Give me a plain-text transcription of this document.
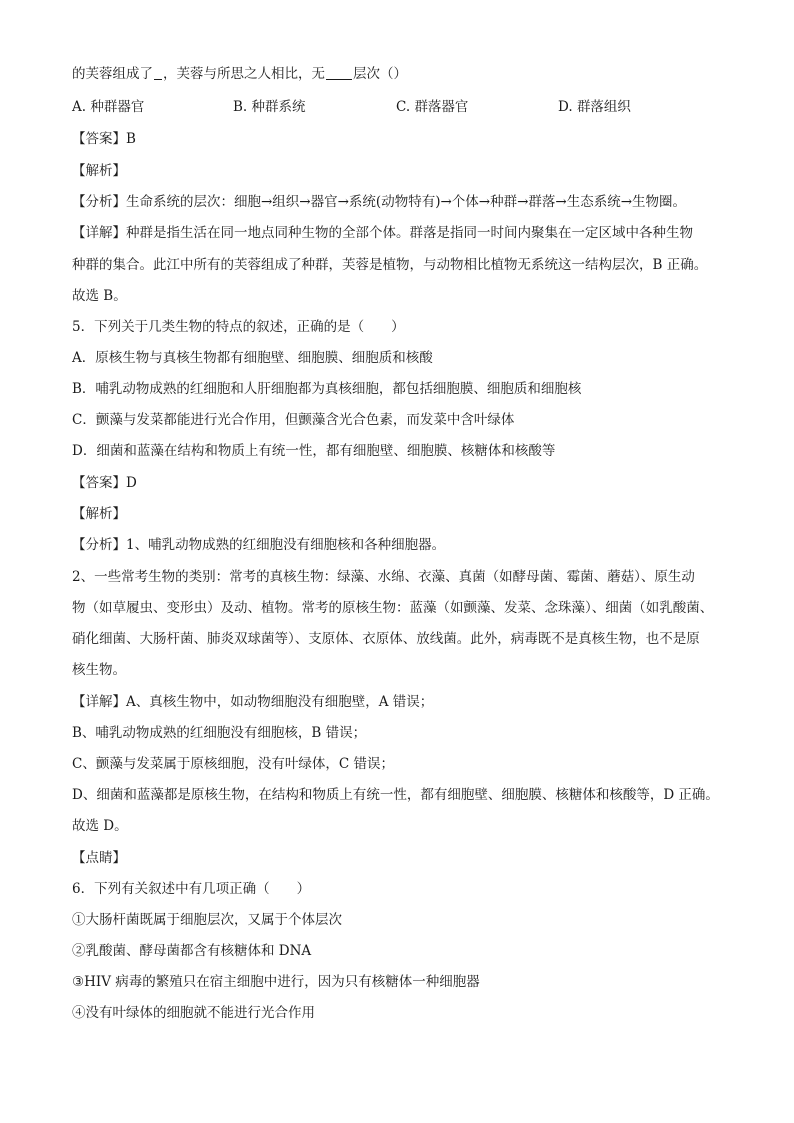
的芙蓉组成了 ，芙蓉与所思之人相比，无 层次（）
A. 种群器官	B. 种群系统	C. 群落器官	D. 群落组织
【答案】B
【解析】
【分析】生命系统的层次：细胞→组织→器官→系统(动物特有)→个体→种群→群落→生态系统→生物圈。
【详解】种群是指生活在同一地点同种生物的全部个体。群落是指同一时间内聚集在一定区域中各种生物
种群的集合。此江中所有的芙蓉组成了种群，芙蓉是植物，与动物相比植物无系统这一结构层次，B 正确。
故选 B。
5．下列关于几类生物的特点的叙述，正确的是（　　）
A．原核生物与真核生物都有细胞壁、细胞膜、细胞质和核酸
B．哺乳动物成熟的红细胞和人肝细胞都为真核细胞，都包括细胞膜、细胞质和细胞核
C．颤藻与发菜都能进行光合作用，但颤藻含光合色素，而发菜中含叶绿体
D．细菌和蓝藻在结构和物质上有统一性，都有细胞壁、细胞膜、核糖体和核酸等
【答案】D
【解析】
【分析】1、哺乳动物成熟的红细胞没有细胞核和各种细胞器。
2、一些常考生物的类别：常考的真核生物：绿藻、水绵、衣藻、真菌（如酵母菌、霉菌、蘑菇）、原生动
物（如草履虫、变形虫）及动、植物。常考的原核生物：蓝藻（如颤藻、发菜、念珠藻）、细菌（如乳酸菌、
硝化细菌、大肠杆菌、肺炎双球菌等）、支原体、衣原体、放线菌。此外，病毒既不是真核生物，也不是原
核生物。
【详解】A、真核生物中，如动物细胞没有细胞壁，A 错误；
B、哺乳动物成熟的红细胞没有细胞核，B 错误；
C、颤藻与发菜属于原核细胞，没有叶绿体，C 错误；
D、细菌和蓝藻都是原核生物，在结构和物质上有统一性，都有细胞壁、细胞膜、核糖体和核酸等，D 正确。
故选 D。
【点睛】
6．下列有关叙述中有几项正确（　　）
①大肠杆菌既属于细胞层次，又属于个体层次
②乳酸菌、酵母菌都含有核糖体和 DNA
③HIV 病毒的繁殖只在宿主细胞中进行，因为只有核糖体一种细胞器
④没有叶绿体的细胞就不能进行光合作用
